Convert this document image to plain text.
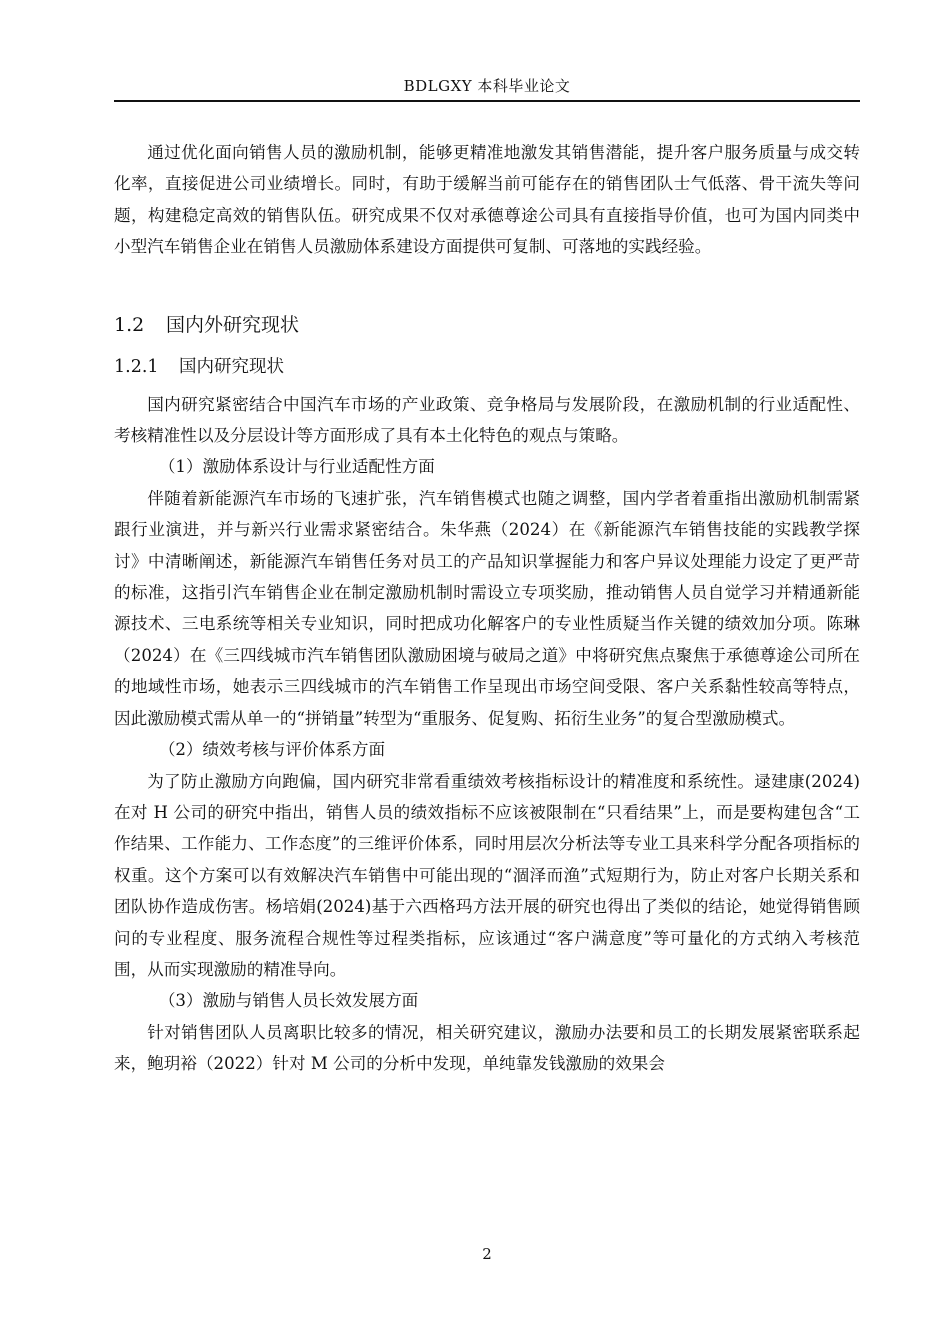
BDLGXY 本科毕业论文

通过优化面向销售人员的激励机制，能够更精准地激发其销售潜能，提升客户服务质量与成交转化率，直接促进公司业绩增长。同时，有助于缓解当前可能存在的销售团队士气低落、骨干流失等问题，构建稳定高效的销售队伍。研究成果不仅对承德尊途公司具有直接指导价值，也可为国内同类中小型汽车销售企业在销售人员激励体系建设方面提供可复制、可落地的实践经验。

1.2 国内外研究现状
1.2.1 国内研究现状

国内研究紧密结合中国汽车市场的产业政策、竞争格局与发展阶段，在激励机制的行业适配性、考核精准性以及分层设计等方面形成了具有本土化特色的观点与策略。

（1）激励体系设计与行业适配性方面

伴随着新能源汽车市场的飞速扩张，汽车销售模式也随之调整，国内学者着重指出激励机制需紧跟行业演进，并与新兴行业需求紧密结合。朱华燕（2024）在《新能源汽车销售技能的实践教学探讨》中清晰阐述，新能源汽车销售任务对员工的产品知识掌握能力和客户异议处理能力设定了更严苛的标准，这指引汽车销售企业在制定激励机制时需设立专项奖励，推动销售人员自觉学习并精通新能源技术、三电系统等相关专业知识，同时把成功化解客户的专业性质疑当作关键的绩效加分项。陈琳（2024）在《三四线城市汽车销售团队激励困境与破局之道》中将研究焦点聚焦于承德尊途公司所在的地域性市场，她表示三四线城市的汽车销售工作呈现出市场空间受限、客户关系黏性较高等特点，因此激励模式需从单一的“拼销量”转型为“重服务、促复购、拓衍生业务”的复合型激励模式。

（2）绩效考核与评价体系方面

为了防止激励方向跑偏，国内研究非常看重绩效考核指标设计的精准度和系统性。逯建康(2024)在对 H 公司的研究中指出，销售人员的绩效指标不应该被限制在“只看结果”上，而是要构建包含“工作结果、工作能力、工作态度”的三维评价体系，同时用层次分析法等专业工具来科学分配各项指标的权重。这个方案可以有效解决汽车销售中可能出现的“涸泽而渔”式短期行为，防止对客户长期关系和团队协作造成伤害。杨培娟(2024)基于六西格玛方法开展的研究也得出了类似的结论，她觉得销售顾问的专业程度、服务流程合规性等过程类指标，应该通过“客户满意度”等可量化的方式纳入考核范围，从而实现激励的精准导向。

（3）激励与销售人员长效发展方面

针对销售团队人员离职比较多的情况，相关研究建议，激励办法要和员工的长期发展紧密联系起来，鲍玥裕（2022）针对 M 公司的分析中发现，单纯靠发钱激励的效果会

2
